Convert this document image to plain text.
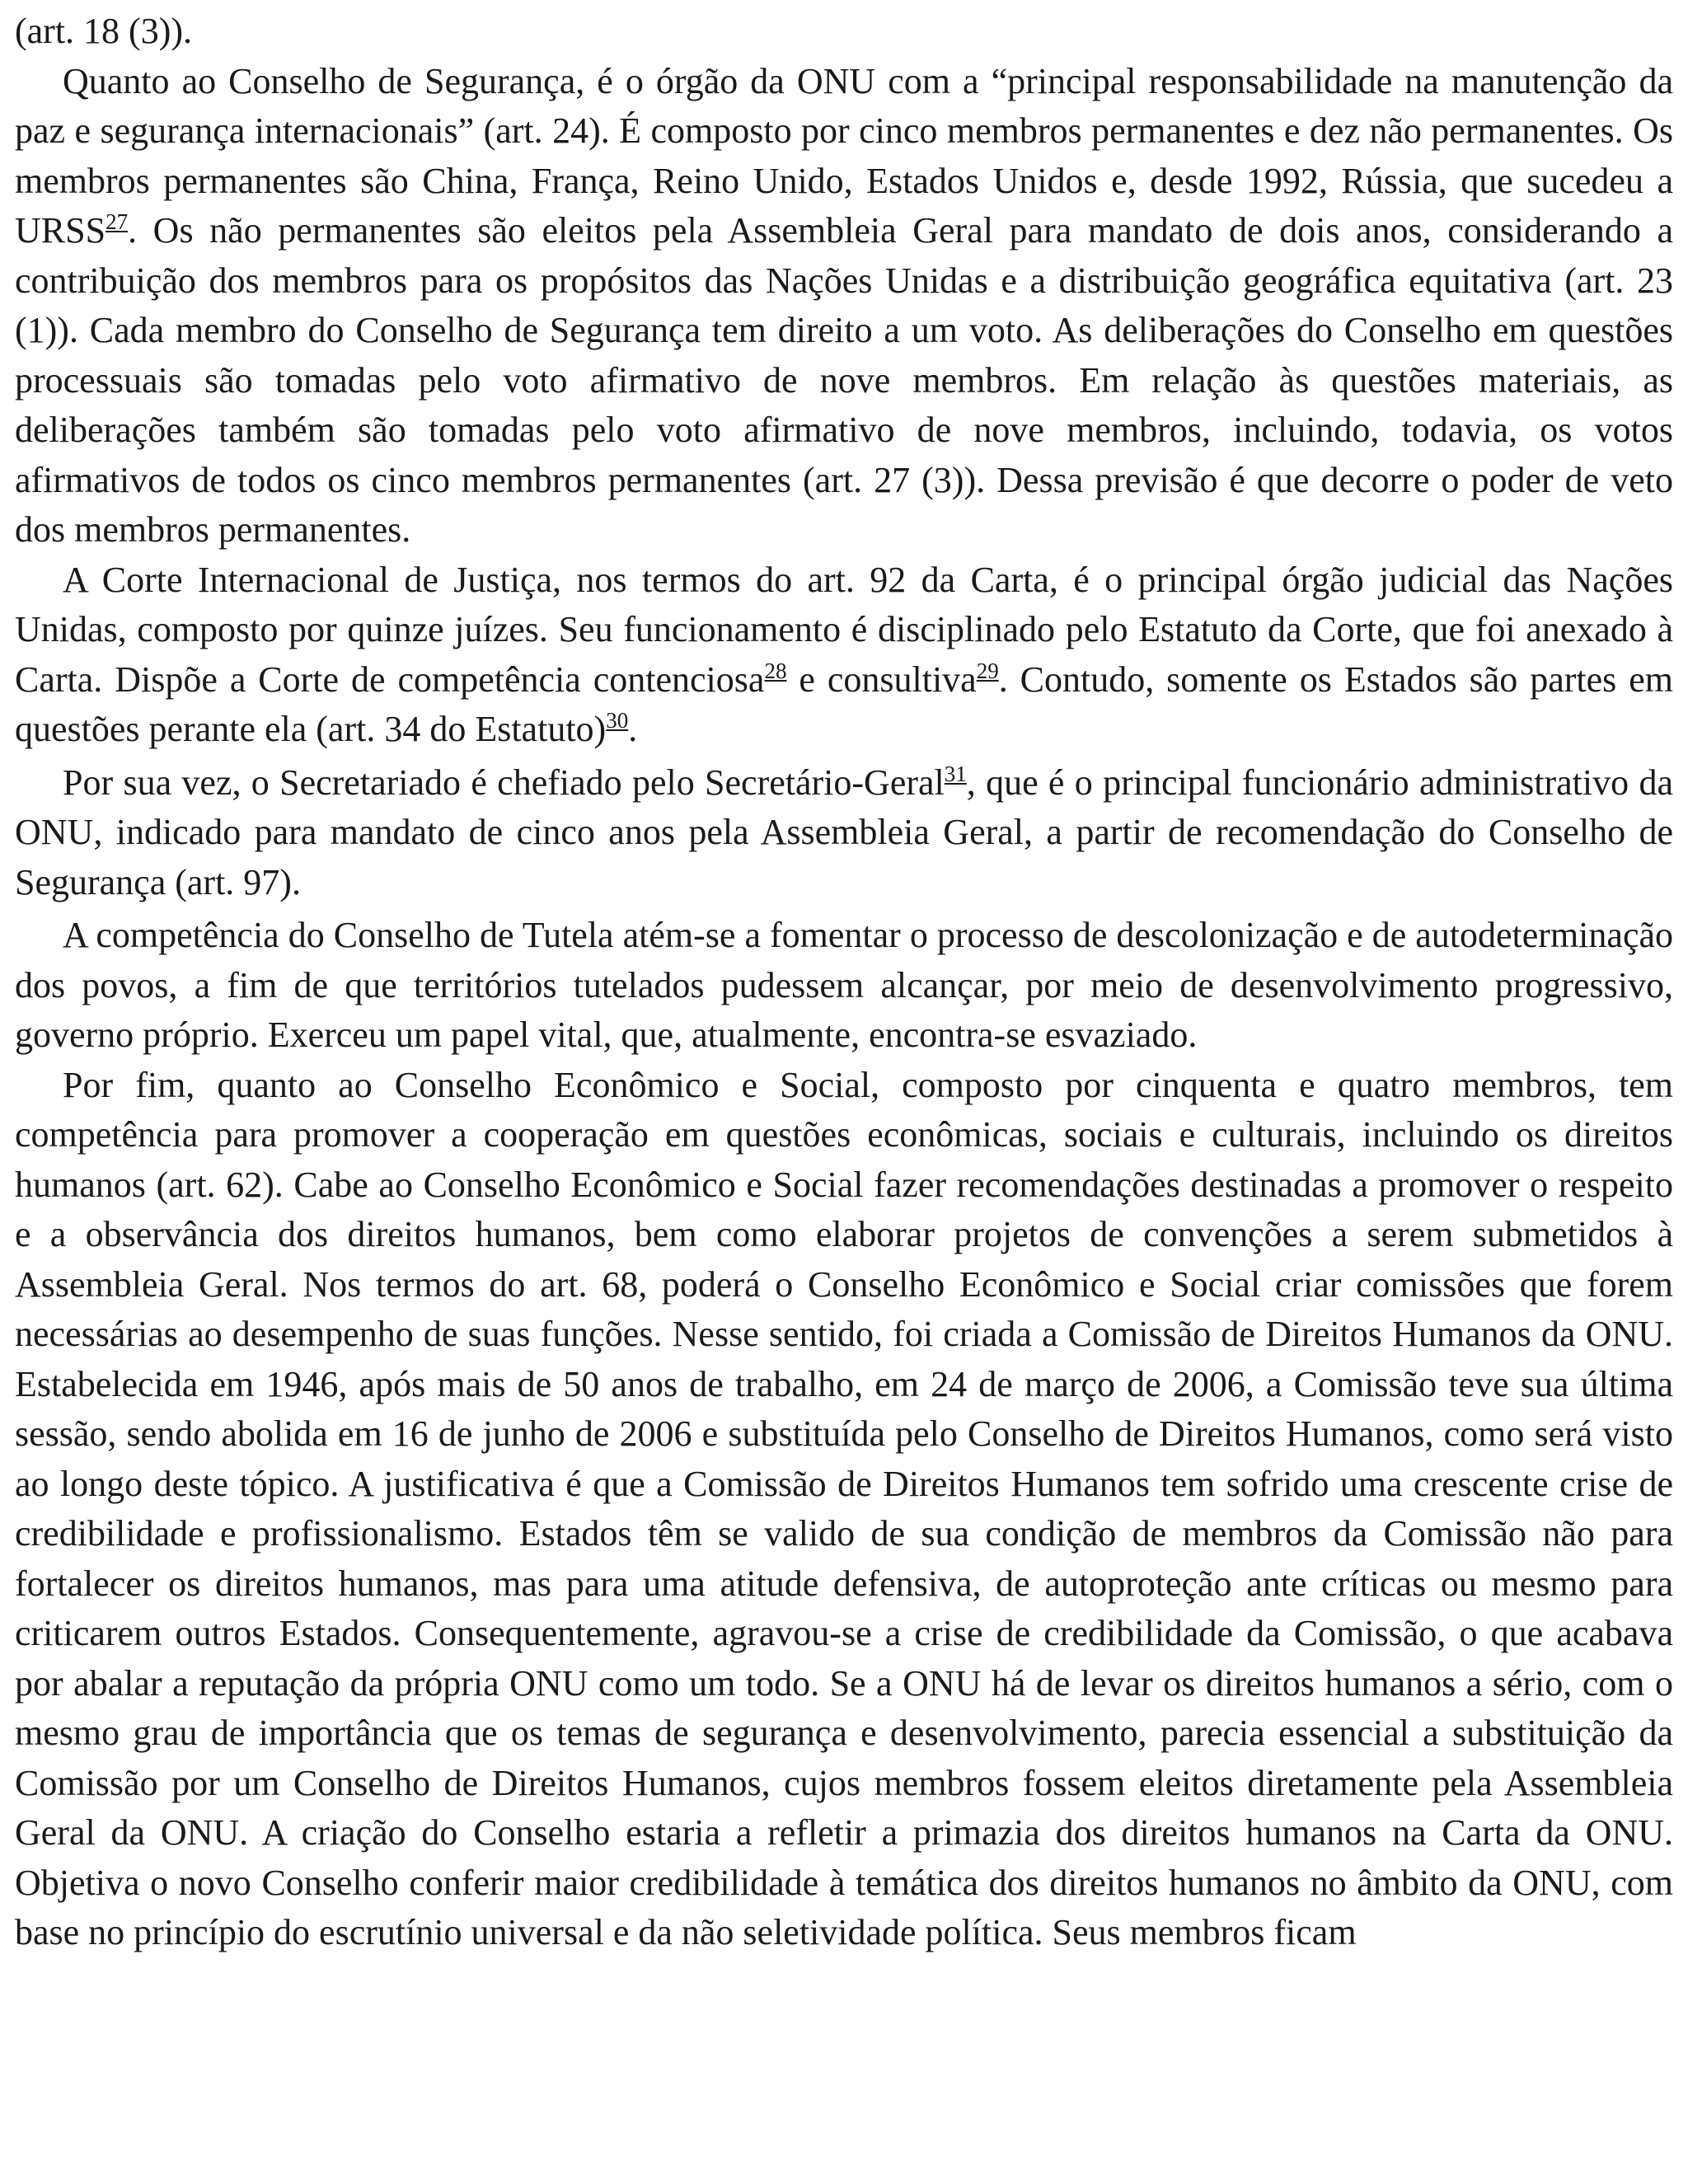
(art. 18 (3)).

Quanto ao Conselho de Segurança, é o órgão da ONU com a “principal responsabilidade na manutenção da paz e segurança internacionais” (art. 24). É composto por cinco membros permanentes e dez não permanentes. Os membros permanentes são China, França, Reino Unido, Estados Unidos e, desde 1992, Rússia, que sucedeu a URSS$^{27}$. Os não permanentes são eleitos pela Assembleia Geral para mandato de dois anos, considerando a contribuição dos membros para os propósitos das Nações Unidas e a distribuição geográfica equitativa (art. 23 (1)). Cada membro do Conselho de Segurança tem direito a um voto. As deliberações do Conselho em questões processuais são tomadas pelo voto afirmativo de nove membros. Em relação às questões materiais, as deliberações também são tomadas pelo voto afirmativo de nove membros, incluindo, todavia, os votos afirmativos de todos os cinco membros permanentes (art. 27 (3)). Dessa previsão é que decorre o poder de veto dos membros permanentes.

A Corte Internacional de Justiça, nos termos do art. 92 da Carta, é o principal órgão judicial das Nações Unidas, composto por quinze juízes. Seu funcionamento é disciplinado pelo Estatuto da Corte, que foi anexado à Carta. Dispõe a Corte de competência contenciosa$^{28}$ e consultiva$^{29}$. Contudo, somente os Estados são partes em questões perante ela (art. 34 do Estatuto)$^{30}$.

Por sua vez, o Secretariado é chefiado pelo Secretário-Geral$^{31}$, que é o principal funcionário administrativo da ONU, indicado para mandato de cinco anos pela Assembleia Geral, a partir de recomendação do Conselho de Segurança (art. 97).

A competência do Conselho de Tutela atém-se a fomentar o processo de descolonização e de autodeterminação dos povos, a fim de que territórios tutelados pudessem alcançar, por meio de desenvolvimento progressivo, governo próprio. Exerceu um papel vital, que, atualmente, encontra-se esvaziado.

Por fim, quanto ao Conselho Econômico e Social, composto por cinquenta e quatro membros, tem competência para promover a cooperação em questões econômicas, sociais e culturais, incluindo os direitos humanos (art. 62). Cabe ao Conselho Econômico e Social fazer recomendações destinadas a promover o respeito e a observância dos direitos humanos, bem como elaborar projetos de convenções a serem submetidos à Assembleia Geral. Nos termos do art. 68, poderá o Conselho Econômico e Social criar comissões que forem necessárias ao desempenho de suas funções. Nesse sentido, foi criada a Comissão de Direitos Humanos da ONU. Estabelecida em 1946, após mais de 50 anos de trabalho, em 24 de março de 2006, a Comissão teve sua última sessão, sendo abolida em 16 de junho de 2006 e substituída pelo Conselho de Direitos Humanos, como será visto ao longo deste tópico. A justificativa é que a Comissão de Direitos Humanos tem sofrido uma crescente crise de credibilidade e profissionalismo. Estados têm se valido de sua condição de membros da Comissão não para fortalecer os direitos humanos, mas para uma atitude defensiva, de autoproteção ante críticas ou mesmo para criticarem outros Estados. Consequentemente, agravou-se a crise de credibilidade da Comissão, o que acabava por abalar a reputação da própria ONU como um todo. Se a ONU há de levar os direitos humanos a sério, com o mesmo grau de importância que os temas de segurança e desenvolvimento, parecia essencial a substituição da Comissão por um Conselho de Direitos Humanos, cujos membros fossem eleitos diretamente pela Assembleia Geral da ONU. A criação do Conselho estaria a refletir a primazia dos direitos humanos na Carta da ONU. Objetiva o novo Conselho conferir maior credibilidade à temática dos direitos humanos no âmbito da ONU, com base no princípio do escrutínio universal e da não seletividade política. Seus membros ficam
